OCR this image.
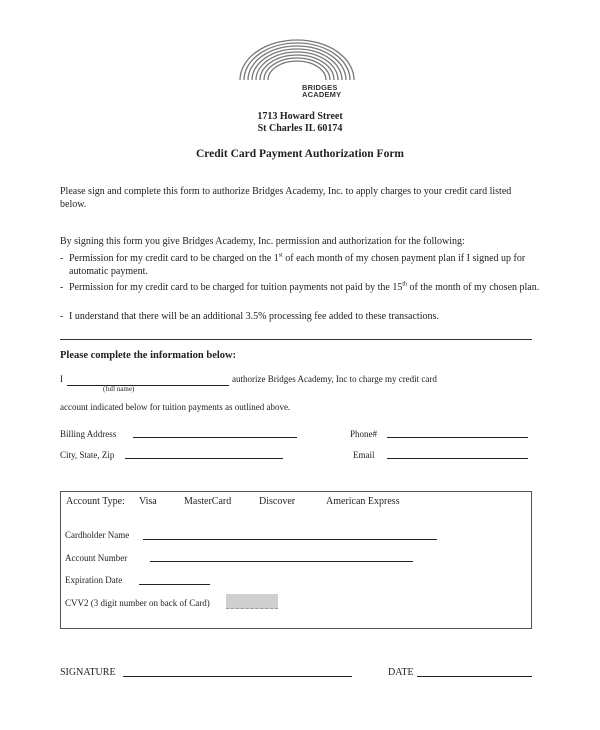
BRIDGES
ACADEMY
1713 Howard Street
St Charles IL 60174
Credit Card Payment Authorization Form
Please sign and complete this form to authorize Bridges Academy, Inc. to apply charges to your credit card listed below.
By signing this form you give Bridges Academy, Inc. permission and authorization for the following:
- Permission for my credit card to be charged on the 1st of each month of my chosen payment plan if I signed up for automatic payment.
- Permission for my credit card to be charged for tuition payments not paid by the 15th of the month of my chosen plan.
- I understand that there will be an additional 3.5% processing fee added to these transactions.
Please complete the information below:
I	authorize Bridges Academy, Inc to charge my credit card
(full name)
account indicated below for tuition payments as outlined above.
Billing Address	Phone#
City, State, Zip	Email
Account Type: Visa	MasterCard	Discover	American Express
Cardholder Name
Account Number
Expiration Date
CVV2 (3 digit number on back of Card)
SIGNATURE	DATE
